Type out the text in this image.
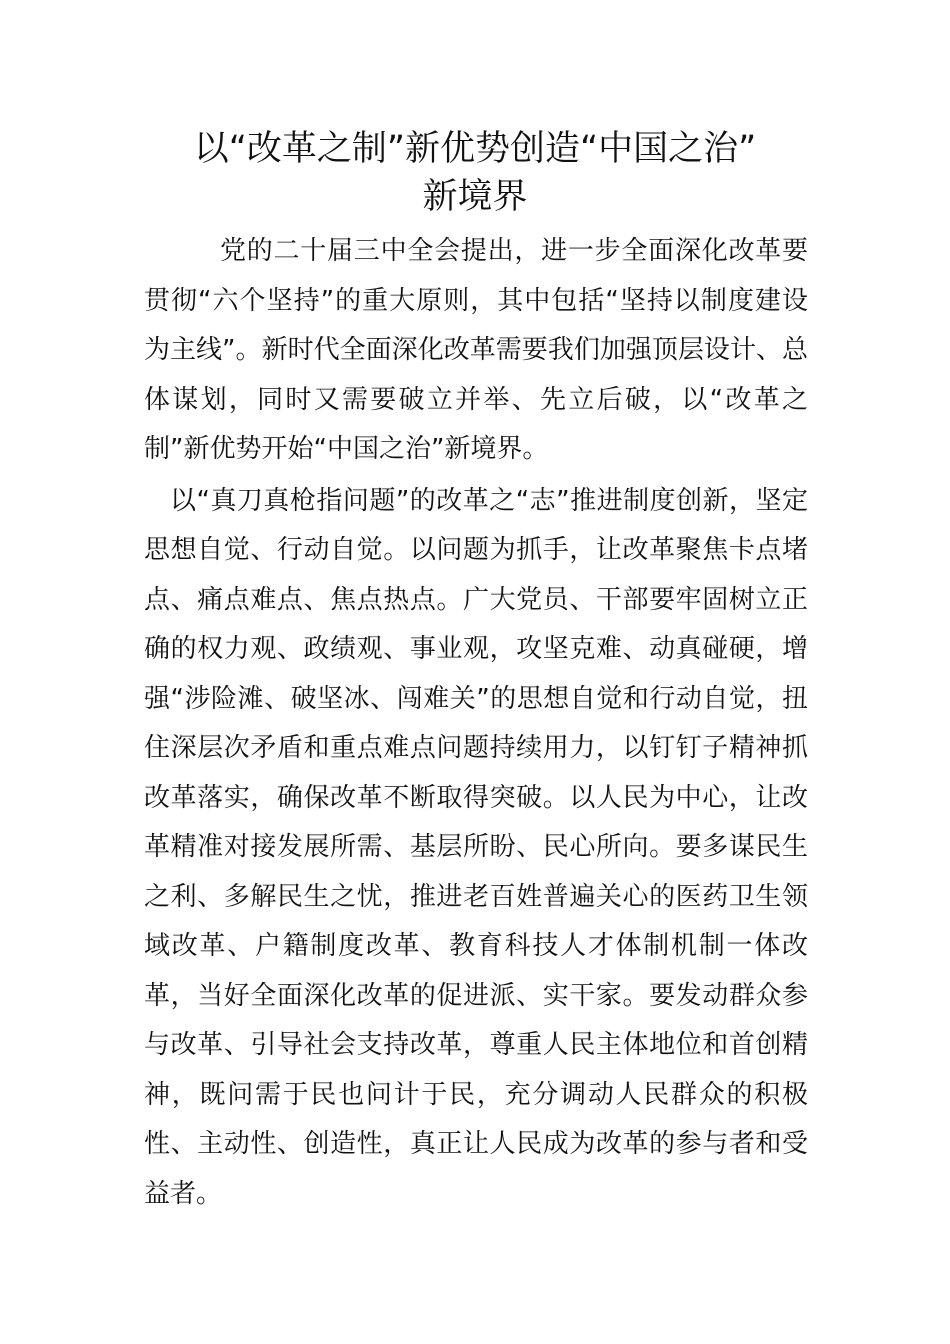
以“改革之制”新优势创造“中国之治”
新境界

党的二十届三中全会提出，进一步全面深化改革要贯彻“六个坚持”的重大原则，其中包括“坚持以制度建设为主线”。新时代全面深化改革需要我们加强顶层设计、总体谋划，同时又需要破立并举、先立后破，以“改革之制”新优势开始“中国之治”新境界。

以“真刀真枪指问题”的改革之“志”推进制度创新，坚定思想自觉、行动自觉。以问题为抓手，让改革聚焦卡点堵点、痛点难点、焦点热点。广大党员、干部要牢固树立正确的权力观、政绩观、事业观，攻坚克难、动真碰硬，增强“涉险滩、破坚冰、闯难关”的思想自觉和行动自觉，扭住深层次矛盾和重点难点问题持续用力，以钉钉子精神抓改革落实，确保改革不断取得突破。以人民为中心，让改革精准对接发展所需、基层所盼、民心所向。要多谋民生之利、多解民生之忧，推进老百姓普遍关心的医药卫生领域改革、户籍制度改革、教育科技人才体制机制一体改革，当好全面深化改革的促进派、实干家。要发动群众参与改革、引导社会支持改革，尊重人民主体地位和首创精神，既问需于民也问计于民，充分调动人民群众的积极性、主动性、创造性，真正让人民成为改革的参与者和受益者。
